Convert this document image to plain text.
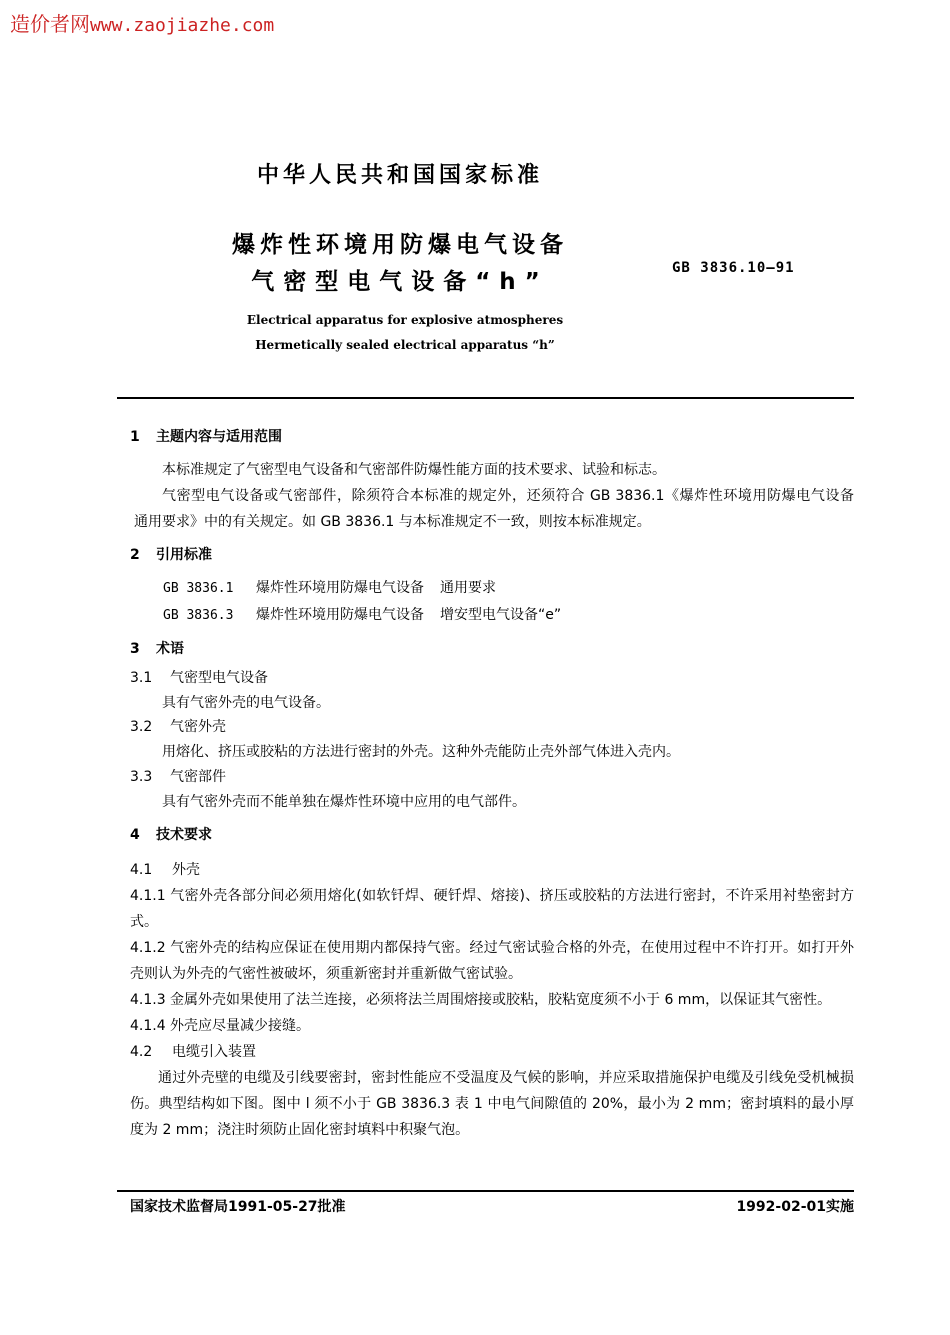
造价者网www.zaojiazhe.com
中华人民共和国国家标准
爆炸性环境用防爆电气设备
气密型电气设备“h”
GB 3836.10—91
Electrical apparatus for explosive atmospheres
Hermetically sealed electrical apparatus “h”
1 主题内容与适用范围
本标准规定了气密型电气设备和气密部件防爆性能方面的技术要求、试验和标志。
气密型电气设备或气密部件，除须符合本标准的规定外，还须符合 GB 3836.1《爆炸性环境用防爆电气设备　通用要求》中的有关规定。如 GB 3836.1 与本标准规定不一致，则按本标准规定。
2 引用标准
GB 3836.1 爆炸性环境用防爆电气设备 通用要求
GB 3836.3 爆炸性环境用防爆电气设备 增安型电气设备“e”
3 术语
3.1 气密型电气设备
具有气密外壳的电气设备。
3.2 气密外壳
用熔化、挤压或胶粘的方法进行密封的外壳。这种外壳能防止壳外部气体进入壳内。
3.3 气密部件
具有气密外壳而不能单独在爆炸性环境中应用的电气部件。
4 技术要求
4.1 外壳
4.1.1 气密外壳各部分间必须用熔化(如软钎焊、硬钎焊、熔接)、挤压或胶粘的方法进行密封，不许采用衬垫密封方式。
4.1.2 气密外壳的结构应保证在使用期内都保持气密。经过气密试验合格的外壳，在使用过程中不许打开。如打开外壳则认为外壳的气密性被破坏，须重新密封并重新做气密试验。
4.1.3 金属外壳如果使用了法兰连接，必须将法兰周围熔接或胶粘，胶粘宽度须不小于 6 mm，以保证其气密性。
4.1.4 外壳应尽量减少接缝。
4.2 电缆引入装置
通过外壳壁的电缆及引线要密封，密封性能应不受温度及气候的影响，并应采取措施保护电缆及引线免受机械损伤。典型结构如下图。图中 l 须不小于 GB 3836.3 表 1 中电气间隙值的 20%，最小为 2 mm；密封填料的最小厚度为 2 mm；浇注时须防止固化密封填料中积聚气泡。
国家技术监督局1991-05-27批准	1992-02-01实施
